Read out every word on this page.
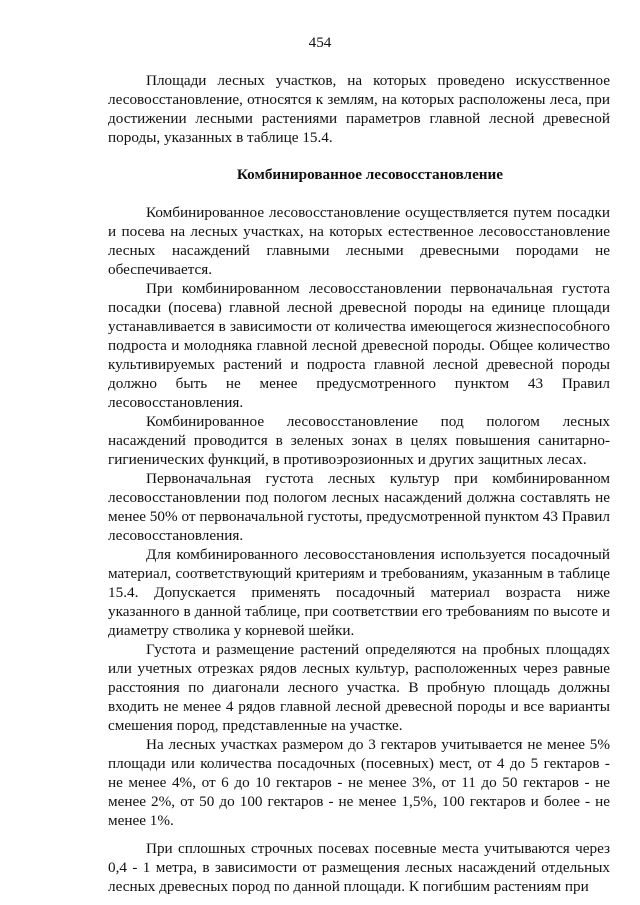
454

Площади лесных участков, на которых проведено искусственное лесовосстановление, относятся к землям, на которых расположены леса, при достижении лесными растениями параметров главной лесной древесной породы, указанных в таблице 15.4.

Комбинированное лесовосстановление

Комбинированное лесовосстановление осуществляется путем посадки и посева на лесных участках, на которых естественное лесовосстановление лесных насаждений главными лесными древесными породами не обеспечивается.

При комбинированном лесовосстановлении первоначальная густота посадки (посева) главной лесной древесной породы на единице площади устанавливается в зависимости от количества имеющегося жизнеспособного подроста и молодняка главной лесной древесной породы. Общее количество культивируемых растений и подроста главной лесной древесной породы должно быть не менее предусмотренного пунктом 43 Правил лесовосстановления.

Комбинированное лесовосстановление под пологом лесных насаждений проводится в зеленых зонах в целях повышения санитарно-гигиенических функций, в противоэрозионных и других защитных лесах.

Первоначальная густота лесных культур при комбинированном лесовосстановлении под пологом лесных насаждений должна составлять не менее 50% от первоначальной густоты, предусмотренной пунктом 43 Правил лесовосстановления.

Для комбинированного лесовосстановления используется посадочный материал, соответствующий критериям и требованиям, указанным в таблице 15.4. Допускается применять посадочный материал возраста ниже указанного в данной таблице, при соответствии его требованиям по высоте и диаметру стволика у корневой шейки.

Густота и размещение растений определяются на пробных площадях или учетных отрезках рядов лесных культур, расположенных через равные расстояния по диагонали лесного участка. В пробную площадь должны входить не менее 4 рядов главной лесной древесной породы и все варианты смешения пород, представленные на участке.

На лесных участках размером до 3 гектаров учитывается не менее 5% площади или количества посадочных (посевных) мест, от 4 до 5 гектаров - не менее 4%, от 6 до 10 гектаров - не менее 3%, от 11 до 50 гектаров - не менее 2%, от 50 до 100 гектаров - не менее 1,5%, 100 гектаров и более - не менее 1%.

При сплошных строчных посевах посевные места учитываются через 0,4 - 1 метра, в зависимости от размещения лесных насаждений отдельных лесных древесных пород по данной площади. К погибшим растениям при
